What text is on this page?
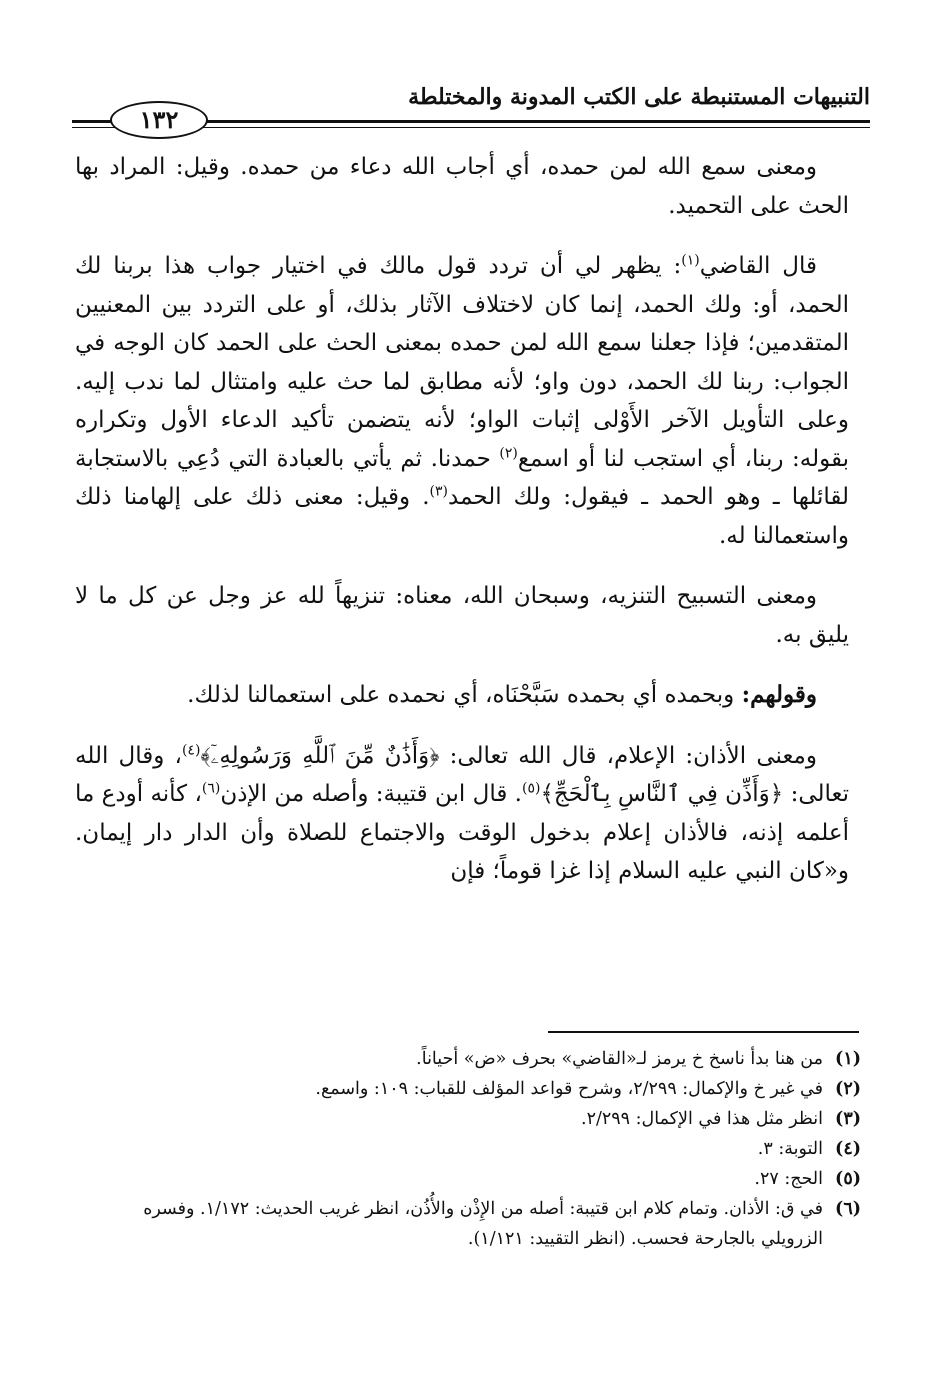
التنبيهات المستنبطة على الكتب المدونة والمختلطة
١٣٢

ومعنى سمع الله لمن حمده، أي أجاب الله دعاء من حمده. وقيل: المراد بها الحث على التحميد.

قال القاضي$^{(١)}$: يظهر لي أن تردد قول مالك في اختيار جواب هذا بربنا لك الحمد، أو: ولك الحمد، إنما كان لاختلاف الآثار بذلك، أو على التردد بين المعنيين المتقدمين؛ فإذا جعلنا سمع الله لمن حمده بمعنى الحث على الحمد كان الوجه في الجواب: ربنا لك الحمد، دون واو؛ لأنه مطابق لما حث عليه وامتثال لما ندب إليه. وعلى التأويل الآخر الأَوْلى إثبات الواو؛ لأنه يتضمن تأكيد الدعاء الأول وتكراره بقوله: ربنا، أي استجب لنا أو اسمع$^{(٢)}$ حمدنا. ثم يأتي بالعبادة التي دُعِي بالاستجابة لقائلها ـ وهو الحمد ـ فيقول: ولك الحمد$^{(٣)}$. وقيل: معنى ذلك على إلهامنا ذلك واستعمالنا له.

ومعنى التسبيح التنزيه، وسبحان الله، معناه: تنزيهاً لله عز وجل عن كل ما لا يليق به.

وقولهم: وبحمده أي بحمده سَبَّحْنَاه، أي نحمده على استعمالنا لذلك.

ومعنى الأذان: الإعلام، قال الله تعالى: ﴿وَأَذَٰنٌ مِّنَ ٱللَّهِ وَرَسُولِهِۦٓ﴾$^{(٤)}$، وقال الله تعالى: ﴿وَأَذِّن فِي ٱلنَّاسِ بِٱلْحَجِّ﴾$^{(٥)}$. قال ابن قتيبة: وأصله من الإذن$^{(٦)}$، كأنه أودع ما أعلمه إذنه، فالأذان إعلام بدخول الوقت والاجتماع للصلاة وأن الدار دار إيمان. و«كان النبي عليه السلام إذا غزا قوماً؛ فإن

(١)
من هنا بدأ ناسخ خ يرمز لـ«القاضي» بحرف «ض» أحياناً.
(٢)
في غير خ والإكمال: ٢/٢٩٩، وشرح قواعد المؤلف للقباب: ١٠٩: واسمع.
(٣)
انظر مثل هذا في الإكمال: ٢/٢٩٩.
(٤)
التوبة: ٣.
(٥)
الحج: ٢٧.
(٦)
في ق: الأذان. وتمام كلام ابن قتيبة: أصله من الإِذْن والأُذُن، انظر غريب الحديث: ١/١٧٢. وفسره الزرويلي بالجارحة فحسب. (انظر التقييد: ١/١٢١).
